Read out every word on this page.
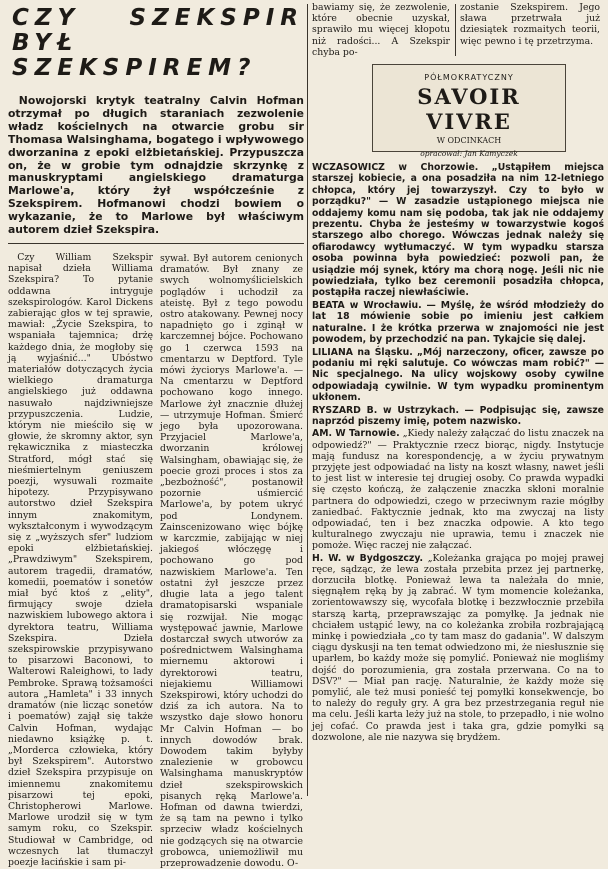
CZY SZEKSPIR BYŁ
SZEKSPIREM?

Nowojorski krytyk teatralny Calvin Hofman otrzymał po długich staraniach zezwolenie władz kościelnych na otwarcie grobu sir Thomasa Walsinghama, bogatego i wpływowego dworzanina z epoki elżbietańskiej. Przypuszcza on, że w grobie tym odnajdzie skrzynkę z manuskryptami angielskiego dramaturga Marlowe'a, który żył współcześnie z Szekspirem. Hofmanowi chodzi bowiem o wykazanie, że to Marlowe był właściwym autorem dzieł Szekspira.

Czy William Szekspir napisał dzieła Williama Szekspira? To pytanie oddawna intryguje szekspirologów. Karol Dickens zabierając głos w tej sprawie, mawiał: „Życie Szekspira, to wspaniała tajemnica; drżę każdego dnia, że mogłoby się ją wyjaśnić..." Ubóstwo materiałów dotyczących życia wielkiego dramaturga angielskiego już oddawna nasuwało najdziwniejsze przypuszczenia. Ludzie, którym nie mieściło się w głowie, że skromny aktor, syn rękawicznika z miasteczka Stratford, mógł stać się nieśmiertelnym geniuszem poezji, wysuwali rozmaite hipotezy. Przypisywano autorstwo dzieł Szekspira innym znakomitym, wykształconym i wywodzącym się z „wyższych sfer" ludziom epoki elżbietańskiej. „Prawdziwym" Szekspirem, autorem tragedii, dramatów, komedii, poematów i sonetów miał być ktoś z „elity", firmujący swoje dzieła nazwiskiem lubowego aktora i dyrektora teatru, Williama Szekspira. Dzieła szekspirowskie przypisywano to pisarzowi Baconowi, to Walterowi Raleighowi, to lady Pembroke. Sprawą tożsamości autora „Hamleta" i 33 innych dramatów (nie licząc sonetów i poematów) zajął się także Calvin Hofman, wydając niedawno książkę p. t. „Morderca człowieka, który był Szekspirem". Autorstwo dzieł Szekspira przypisuje on imiennemu znakomitemu pisarzowi tej epoki, Christopherowi Marlowe. Marlowe urodził się w tym samym roku, co Szekspir. Studiował w Cambridge, od wczesnych lat tłumaczył poezje łacińskie i sam pi-

sywał. Był autorem cenionych dramatów. Był znany ze swych wolnomyślicielskich poglądów i uchodził za ateistę. Był z tego powodu ostro atakowany. Pewnej nocy napadnięto go i zginął w karczemnej bójce. Pochowano go 1 czerwca 1593 na cmentarzu w Deptford. Tyle mówi życiorys Marlowe'a. — Na cmentarzu w Deptford pochowano kogo innego. Marlowe żył znacznie dłużej — utrzymuje Hofman. Śmierć jego była upozorowana. Przyjaciel Marlowe'a, dworzanin królowej Walsingham, obawiając się, że poecie grozi proces i stos za „bezbożność", postanowił pozornie uśmiercić Marlowe'a, by potem ukryć pod Londynem. Zainscenizowano więc bójkę w karczmie, zabijając w niej jakiegoś włóczęgę i pochowano go pod nazwiskiem Marlowe'a. Ten ostatni żył jeszcze przez długie lata a jego talent dramatopisarski wspaniale się rozwijał. Nie mogąc występować jawnie, Marlowe dostarczał swych utworów za pośrednictwem Walsinghama miernemu aktorowi i dyrektorowi teatru, niejakiemu Williamowi Szekspirowi, który uchodzi do dziś za ich autora. Na to wszystko daje słowo honoru Mr Calvin Hofman — bo innych dowodów brak. Dowodem takim byłyby znalezienie w grobowcu Walsinghama manuskryptów dzieł szekspirowskich pisanych ręką Marlowe'a. Hofman od dawna twierdzi, że są tam na pewno i tylko sprzeciw władz kościelnych nie godzących się na otwarcie grobowca, uniemożliwił mu przeprowadzenie dowodu. O-

bawiamy się, że zezwolenie, które obecnie uzyskał, sprawiło mu więcej kłopotu niż radości... A Szekspir chyba po-

zostanie Szekspirem. Jego sława przetrwała już dziesiątek rozmaitych teorii, więc pewno i tę przetrzyma.

PÓŁMOKRATYCZNY
SAVOIR VIVRE
W ODCINKACH
opracował: Jan Kamyczek

WCZASOWICZ w Chorzowie. „Ustąpiłem miejsca starszej kobiecie, a ona posadziła na nim 12-letniego chłopca, który jej towarzyszył. Czy to było w porządku?" — W zasadzie ustąpionego miejsca nie oddajemy komu nam się podoba, tak jak nie oddajemy prezentu. Chyba że jesteśmy w towarzystwie kogoś starszego albo chorego. Wówczas jednak należy się ofiarodawcy wytłumaczyć. W tym wypadku starsza osoba powinna była powiedzieć: pozwoli pan, że usiądzie mój synek, który ma chorą nogę. Jeśli nic nie powiedziała, tylko bez ceremonii posadziła chłopca, postąpiła raczej niewłaściwie.

BEATA w Wrocławiu. — Myślę, że wśród młodzieży do lat 18 mówienie sobie po imieniu jest całkiem naturalne. I że krótka przerwa w znajomości nie jest powodem, by przechodzić na pan. Tykajcie się dalej.

LILIANA na Śląsku. „Mój narzeczony, oficer, zawsze po podaniu mi ręki salutuje. Co wówczas mam robić?" — Nic specjalnego. Na ulicy wojskowy osoby cywilne odpowiadają cywilnie. W tym wypadku prominentym ukłonem.

RYSZARD B. w Ustrzykach. — Podpisując się, zawsze naprzód piszemy imię, potem nazwisko.

AM. W Tarnowie. „Kiedy należy załączać do listu znaczek na odpowiedź?" — Praktycznie rzecz biorąc, nigdy. Instytucje mają fundusz na korespondencję, a w życiu prywatnym przyjęte jest odpowiadać na listy na koszt własny, nawet jeśli to jest list w interesie tej drugiej osoby. Co prawda wypadki się często kończą, że załączenie znaczka skłoni moralnie partnera do odpowiedzi, czego w przeciwnym razie mógłby zaniedbać. Faktycznie jednak, kto ma zwyczaj na listy odpowiadać, ten i bez znaczka odpowie. A kto tego kulturalnego zwyczaju nie uprawia, temu i znaczek nie pomoże. Więc raczej nie załączać.

H. W. w Bydgoszczy. „Koleżanka grająca po mojej prawej ręce, sądząc, że lewa została przebita przez jej partnerkę, dorzuciła blotkę. Ponieważ lewa ta należała do mnie, sięgnąłem ręką by ją zabrać. W tym momencie koleżanka, zorientowawszy się, wycofała blotkę i bezzwłocznie przebiła starszą kartą, przeprawszając za pomyłkę. Ja jednak nie chciałem ustąpić lewy, na co koleżanka zrobiła rozbrajającą minkę i powiedziała „co ty tam masz do gadania". W dalszym ciągu dyskusji na ten temat odwiedzono mi, że niesłusznie się uparłem, bo każdy może się pomylić. Ponieważ nie mogliśmy dojść do porozumienia, gra została przerwana. Co na to DSV?" — Miał pan rację. Naturalnie, że każdy może się pomylić, ale też musi ponieść tej pomyłki konsekwencje, bo to należy do reguły gry. A gra bez przestrzegania reguł nie ma celu. Jeśli karta leży już na stole, to przepadło, i nie wolno jej cofać. Co prawda jest i taka gra, gdzie pomyłki są dozwolone, ale nie nazywa się brydżem.
